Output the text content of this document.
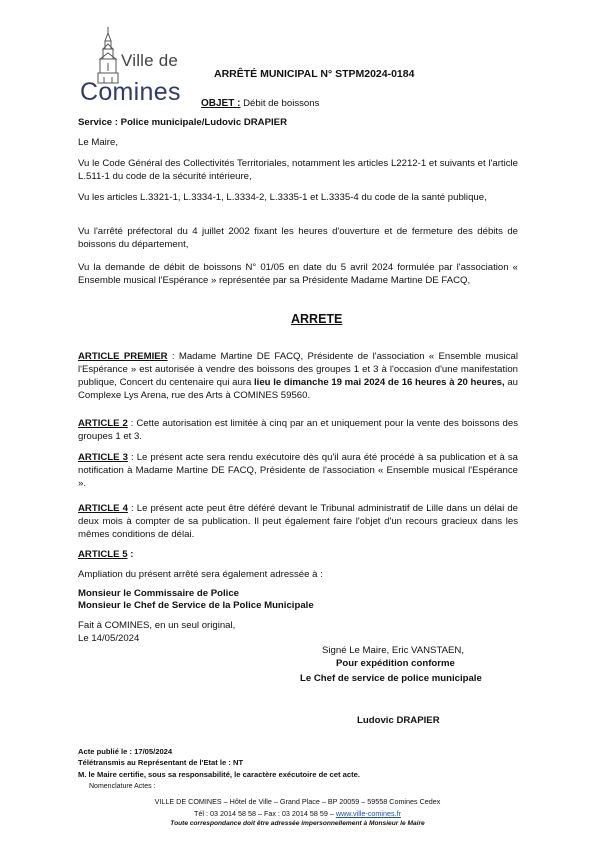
Ville de
Comines
ARRÊTÉ MUNICIPAL N° STPM2024-0184
OBJET : Débit de boissons
Service : Police municipale/Ludovic DRAPIER
Le Maire,
Vu le Code Général des Collectivités Territoriales, notamment les articles L2212-1 et suivants et l'article L.511-1 du code de la sécurité intérieure,
Vu les articles L.3321-1, L.3334-1, L.3334-2, L.3335-1 et L.3335-4 du code de la santé publique,
Vu l'arrêté préfectoral du 4 juillet 2002 fixant les heures d'ouverture et de fermeture des débits de boissons du département,
Vu la demande de débit de boissons N° 01/05 en date du 5 avril 2024 formulée par l'association « Ensemble musical l'Espérance » représentée par sa Présidente Madame Martine DE FACQ,
ARRETE
ARTICLE PREMIER : Madame Martine DE FACQ, Présidente de l'association « Ensemble musical l'Espérance » est autorisée à vendre des boissons des groupes 1 et 3 à l'occasion d'une manifestation publique, Concert du centenaire qui aura lieu le dimanche 19 mai 2024 de 16 heures à 20 heures, au Complexe Lys Arena, rue des Arts à COMINES 59560.
ARTICLE 2 : Cette autorisation est limitée à cinq par an et uniquement pour la vente des boissons des groupes 1 et 3.
ARTICLE 3 : Le présent acte sera rendu exécutoire dès qu'il aura été procédé à sa publication et à sa notification à Madame Martine DE FACQ, Présidente de l'association « Ensemble musical l'Espérance ».
ARTICLE 4 : Le présent acte peut être déféré devant le Tribunal administratif de Lille dans un délai de deux mois à compter de sa publication. Il peut également faire l'objet d'un recours gracieux dans les mêmes conditions de délai.
ARTICLE 5 :
Ampliation du présent arrêté sera également adressée à :
Monsieur le Commissaire de Police
Monsieur le Chef de Service de la Police Municipale
Fait à COMINES, en un seul original,
Le 14/05/2024
Signé Le Maire, Eric VANSTAEN,
Pour expédition conforme
Le Chef de service de police municipale
Ludovic DRAPIER
Acte publié le : 17/05/2024
Télétransmis au Représentant de l'Etat le : NT
M. le Maire certifie, sous sa responsabilité, le caractère exécutoire de cet acte.
Nomenclature Actes :
VILLE DE COMINES – Hôtel de Ville – Grand Place – BP 20059 – 59558 Comines Cedex
Tél : 03 2014 58 58 – Fax : 03 2014 58 59 – www.ville-comines.fr
Toute correspondance doit être adressée impersonnellement à Monsieur le Maire
